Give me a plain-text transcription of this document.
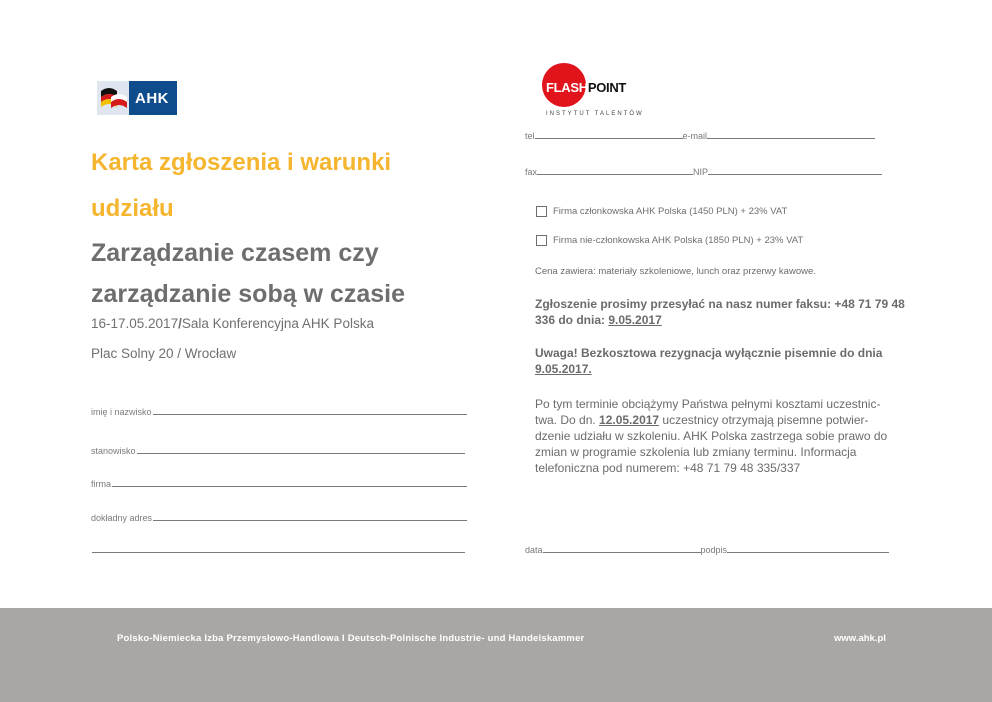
AHK
FLASHPOINT
INSTYTUT TALENTÓW
Karta zgłoszenia i warunki
udziału
Zarządzanie czasem czy
zarządzanie sobą w czasie
16-17.05.2017/Sala Konferencyjna AHK Polska
Plac Solny 20 / Wrocław
imię i nazwisko
stanowisko
firma
dokładny adres
tel	e-mail
fax	NIP
Firma członkowska AHK Polska (1450 PLN) + 23% VAT
Firma nie-członkowska AHK Polska (1850 PLN) + 23% VAT
Cena zawiera: materiały szkoleniowe, lunch oraz przerwy kawowe.
Zgłoszenie prosimy przesyłać na nasz numer faksu: +48 71 79 48
336 do dnia: 9.05.2017
Uwaga! Bezkosztowa rezygnacja wyłącznie pisemnie do dnia
9.05.2017.
Po tym terminie obciążymy Państwa pełnymi kosztami uczestnic-
twa. Do dn. 12.05.2017 uczestnicy otrzymają pisemne potwier-
dzenie udziału w szkoleniu. AHK Polska zastrzega sobie prawo do
zmian w programie szkolenia lub zmiany terminu. Informacja
telefoniczna pod numerem: +48 71 79 48 335/337
data	podpis
Polsko-Niemiecka Izba Przemysłowo-Handlowa I Deutsch-Polnische Industrie- und Handelskammer	www.ahk.pl
